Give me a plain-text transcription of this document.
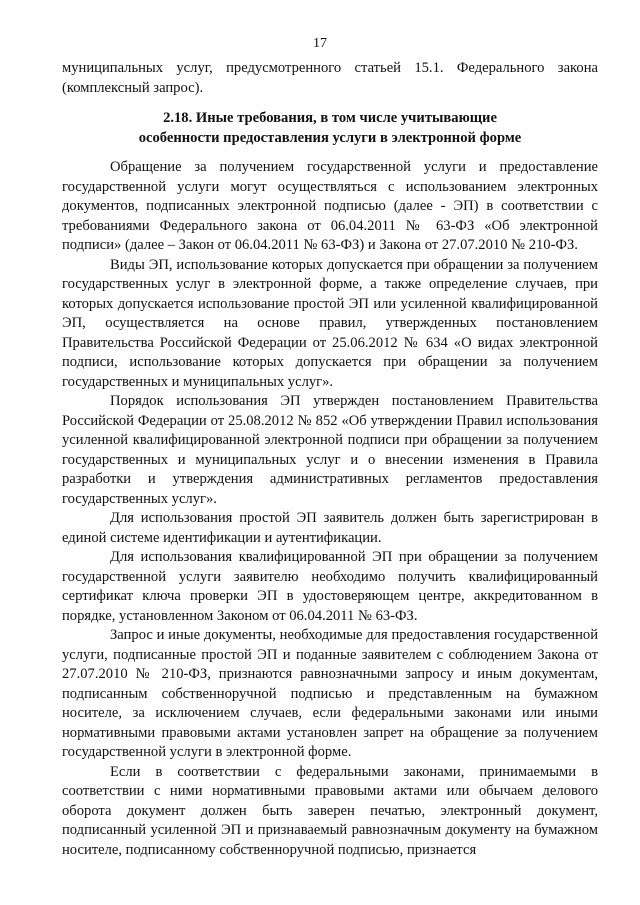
17

муниципальных услуг, предусмотренного статьей 15.1. Федерального закона (комплексный запрос).

2.18. Иные требования, в том числе учитывающие
особенности предоставления услуги в электронной форме

Обращение за получением государственной услуги и предоставление государственной услуги могут осуществляться с использованием электронных документов, подписанных электронной подписью (далее - ЭП) в соответствии с требованиями Федерального закона от 06.04.2011 № 63-ФЗ «Об электронной подписи» (далее – Закон от 06.04.2011 № 63-ФЗ) и Закона от 27.07.2010 № 210-ФЗ.

Виды ЭП, использование которых допускается при обращении за получением государственных услуг в электронной форме, а также определение случаев, при которых допускается использование простой ЭП или усиленной квалифицированной ЭП, осуществляется на основе правил, утвержденных постановлением Правительства Российской Федерации от 25.06.2012 № 634 «О видах электронной подписи, использование которых допускается при обращении за получением государственных и муниципальных услуг».

Порядок использования ЭП утвержден постановлением Правительства Российской Федерации от 25.08.2012 № 852 «Об утверждении Правил использования усиленной квалифицированной электронной подписи при обращении за получением государственных и муниципальных услуг и о внесении изменения в Правила разработки и утверждения административных регламентов предоставления государственных услуг».

Для использования простой ЭП заявитель должен быть зарегистрирован в единой системе идентификации и аутентификации.

Для использования квалифицированной ЭП при обращении за получением государственной услуги заявителю необходимо получить квалифицированный сертификат ключа проверки ЭП в удостоверяющем центре, аккредитованном в порядке, установленном Законом от 06.04.2011 № 63-ФЗ.

Запрос и иные документы, необходимые для предоставления государственной услуги, подписанные простой ЭП и поданные заявителем с соблюдением Закона от 27.07.2010 № 210-ФЗ, признаются равнозначными запросу и иным документам, подписанным собственноручной подписью и представленным на бумажном носителе, за исключением случаев, если федеральными законами или иными нормативными правовыми актами установлен запрет на обращение за получением государственной услуги в электронной форме.

Если в соответствии с федеральными законами, принимаемыми в соответствии с ними нормативными правовыми актами или обычаем делового оборота документ должен быть заверен печатью, электронный документ, подписанный усиленной ЭП и признаваемый равнозначным документу на бумажном носителе, подписанному собственноручной подписью, признается
